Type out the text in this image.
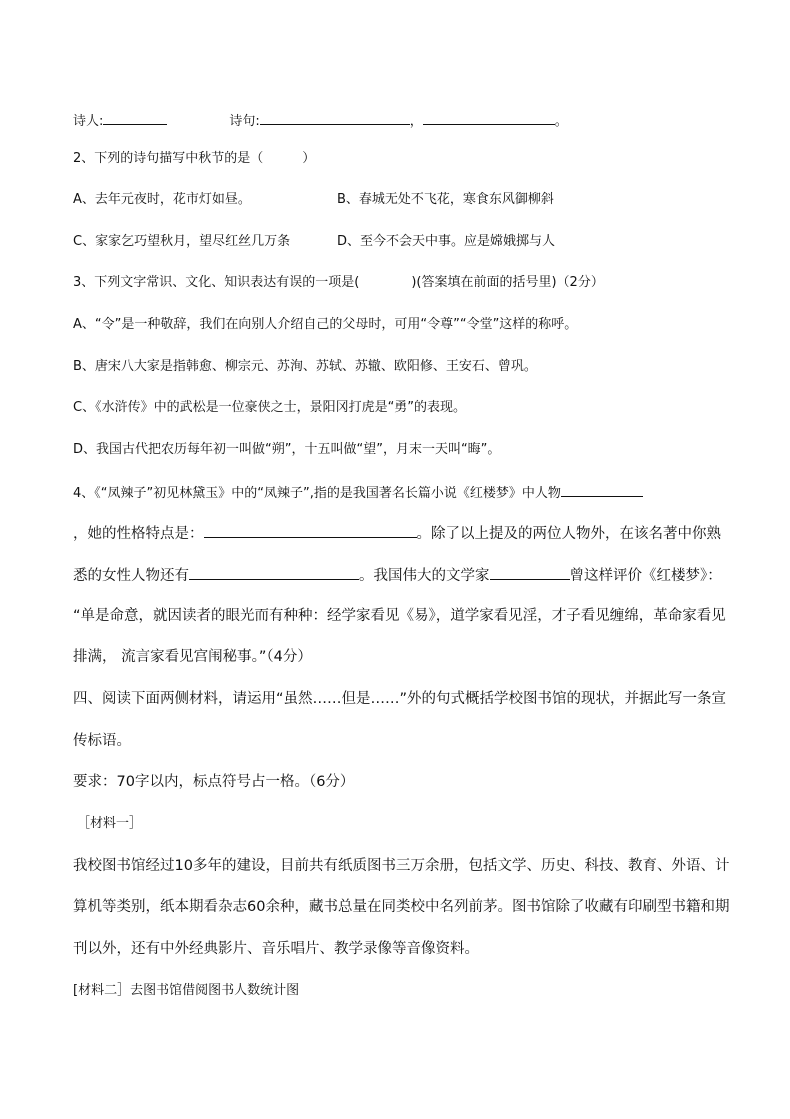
诗人:	诗句:	，	。
2、下列的诗句描写中秋节的是（　　　）
A、去年元夜时，花市灯如昼。	B、春城无处不飞花，寒食东风御柳斜
C、家家乞巧望秋月，望尽红丝几万条	D、至今不会天中事。应是嫦娥掷与人
3、下列文字常识、文化、知识表达有误的一项是(　　　　)(答案填在前面的括号里)（2分）
A、“令”是一种敬辞，我们在向别人介绍自己的父母时，可用“令尊”“令堂”这样的称呼。
B、唐宋八大家是指韩愈、柳宗元、苏洵、苏轼、苏辙、欧阳修、王安石、曾巩。
C、《水浒传》中的武松是一位豪侠之士，景阳冈打虎是“勇”的表现。
D、我国古代把农历每年初一叫做“朔”，十五叫做“望”，月末一天叫“晦”。
4、《“凤辣子”初见林黛玉》中的“凤辣子”,指的是我国著名长篇小说《红楼梦》中人物
，她的性格特点是：	。除了以上提及的两位人物外，在该名著中你熟
悉的女性人物还有	。我国伟大的文学家	曾这样评价《红楼梦》：
“单是命意，就因读者的眼光而有种种：经学家看见《易》，道学家看见淫，才子看见缠绵，革命家看见
排满， 流言家看见宫闱秘事。”（4分）
四、阅读下面两侧材料，请运用“虽然……但是……”外的句式概括学校图书馆的现状，并据此写一条宣
传标语。
要求：70字以内，标点符号占一格。（6分）
［材料一］
我校图书馆经过10多年的建设，目前共有纸质图书三万余册，包括文学、历史、科技、教育、外语、计
算机等类别，纸本期看杂志60余种，藏书总量在同类校中名列前茅。图书馆除了收藏有印刷型书籍和期
刊以外，还有中外经典影片、音乐唱片、教学录像等音像资料。
[材料二］去图书馆借阅图书人数统计图
